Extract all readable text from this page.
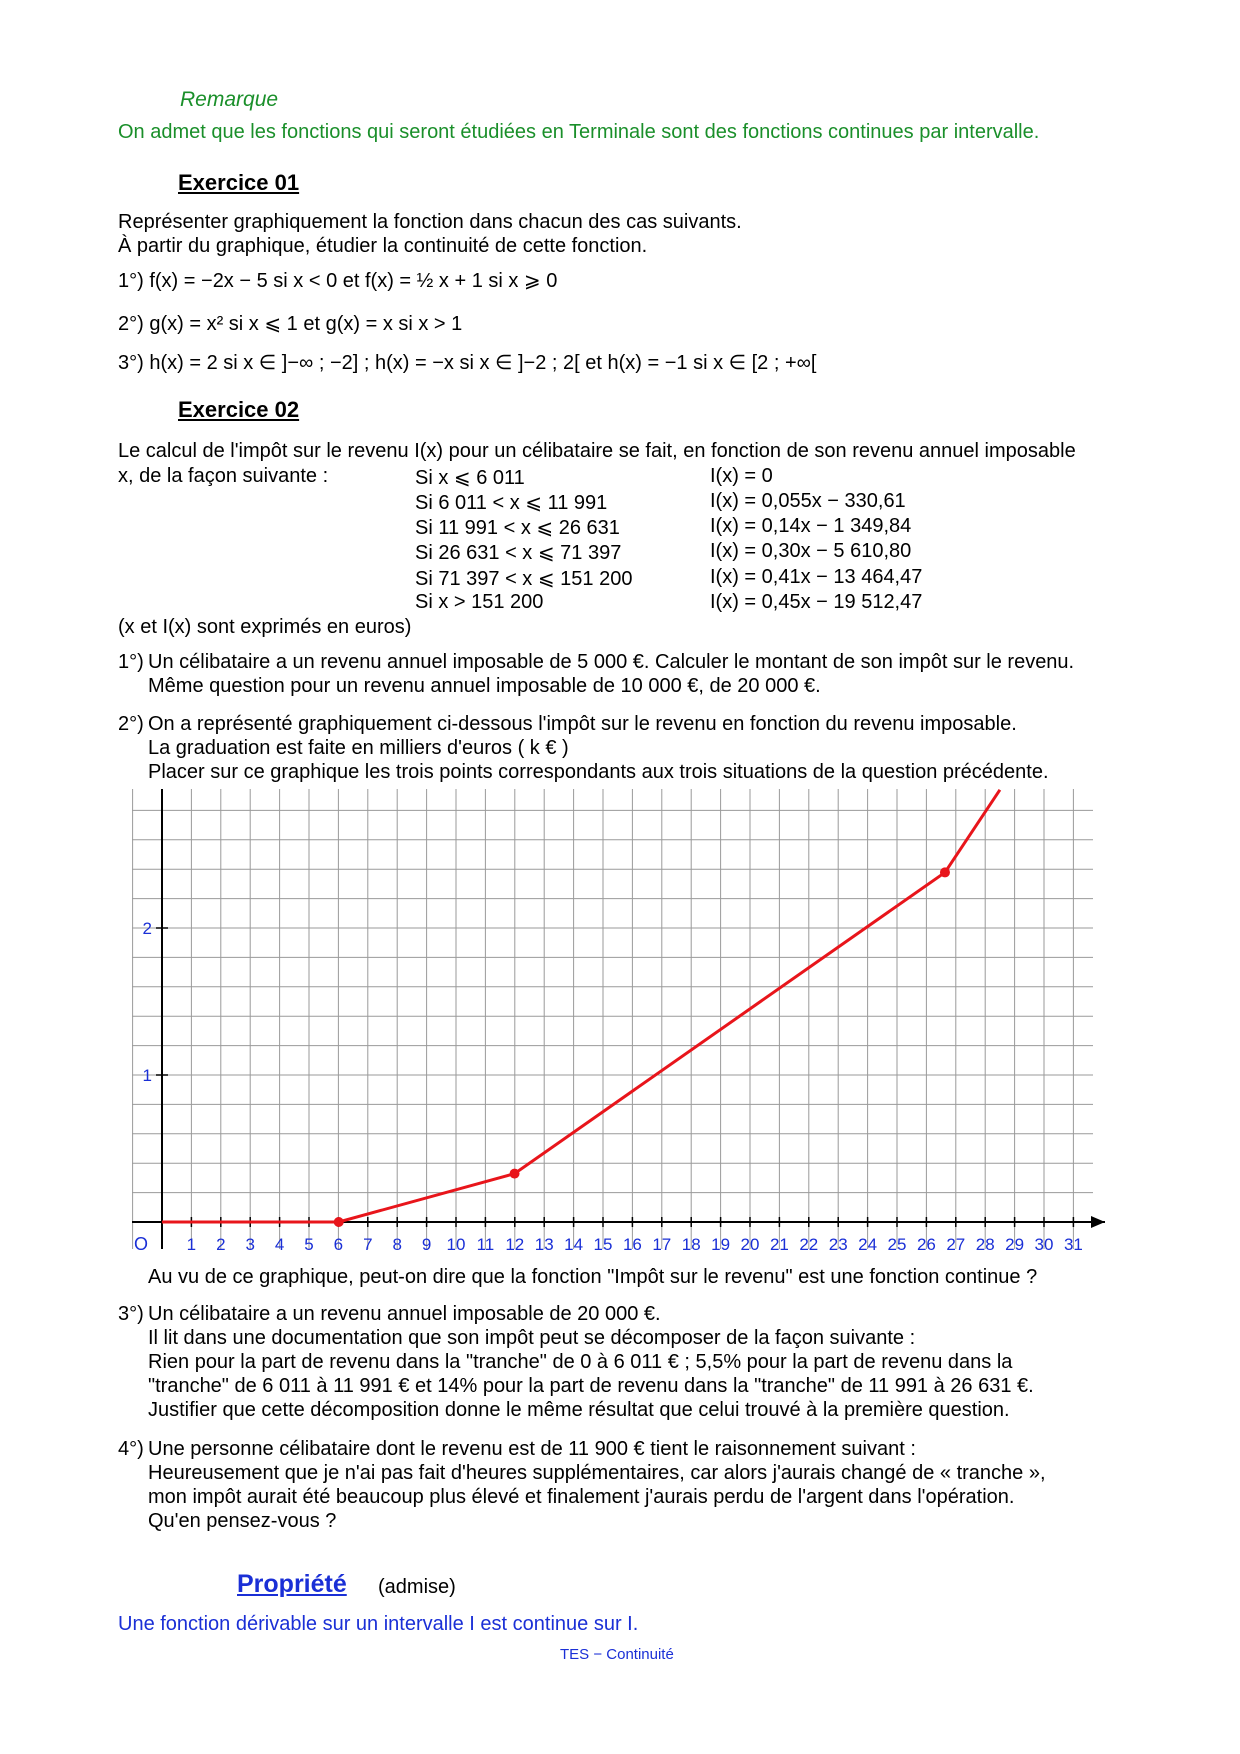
Remarque
On admet que les fonctions qui seront étudiées en Terminale sont des fonctions continues par intervalle.
Exercice 01
Représenter graphiquement la fonction dans chacun des cas suivants.
À partir du graphique, étudier la continuité de cette fonction.
1°) f(x) = −2x − 5 si x < 0 et f(x) = ½ x + 1 si x ⩾ 0
2°) g(x) = x² si x ⩽ 1 et g(x) = x si x > 1
3°) h(x) = 2 si x ∈ ]−∞ ; −2] ; h(x) = −x si x ∈ ]−2 ; 2[ et h(x) = −1 si x ∈ [2 ; +∞[
Exercice 02
Le calcul de l'impôt sur le revenu I(x) pour un célibataire se fait, en fonction de son revenu annuel imposable
x, de la façon suivante :	Si x ⩽ 6 011	I(x) = 0
Si 6 011 < x ⩽ 11 991	I(x) = 0,055x − 330,61
Si 11 991 < x ⩽ 26 631	I(x) = 0,14x − 1 349,84
Si 26 631 < x ⩽ 71 397	I(x) = 0,30x − 5 610,80
Si 71 397 < x ⩽ 151 200	I(x) = 0,41x − 13 464,47
Si x > 151 200	I(x) = 0,45x − 19 512,47
(x et I(x) sont exprimés en euros)
1°) Un célibataire a un revenu annuel imposable de 5 000 €. Calculer le montant de son impôt sur le revenu.
Même question pour un revenu annuel imposable de 10 000 €, de 20 000 €.
2°) On a représenté graphiquement ci-dessous l'impôt sur le revenu en fonction du revenu imposable.
La graduation est faite en milliers d'euros ( k € )
Placer sur ce graphique les trois points correspondants aux trois situations de la question précédente.
O 1 2 3 4 5 6 7 8 9 10 11 12 13 14 15 16 17 18 19 20 21 22 23 24 25 26 27 28 29 30 31
1
2
Au vu de ce graphique, peut-on dire que la fonction "Impôt sur le revenu" est une fonction continue ?
3°) Un célibataire a un revenu annuel imposable de 20 000 €.
Il lit dans une documentation que son impôt peut se décomposer de la façon suivante :
Rien pour la part de revenu dans la "tranche" de 0 à 6 011 € ; 5,5% pour la part de revenu dans la
"tranche" de 6 011 à 11 991 € et 14% pour la part de revenu dans la "tranche" de 11 991 à 26 631 €.
Justifier que cette décomposition donne le même résultat que celui trouvé à la première question.
4°) Une personne célibataire dont le revenu est de 11 900 € tient le raisonnement suivant :
Heureusement que je n'ai pas fait d'heures supplémentaires, car alors j'aurais changé de « tranche »,
mon impôt aurait été beaucoup plus élevé et finalement j'aurais perdu de l'argent dans l'opération.
Qu'en pensez-vous ?
Propriété (admise)
Une fonction dérivable sur un intervalle I est continue sur I.
TES − Continuité
